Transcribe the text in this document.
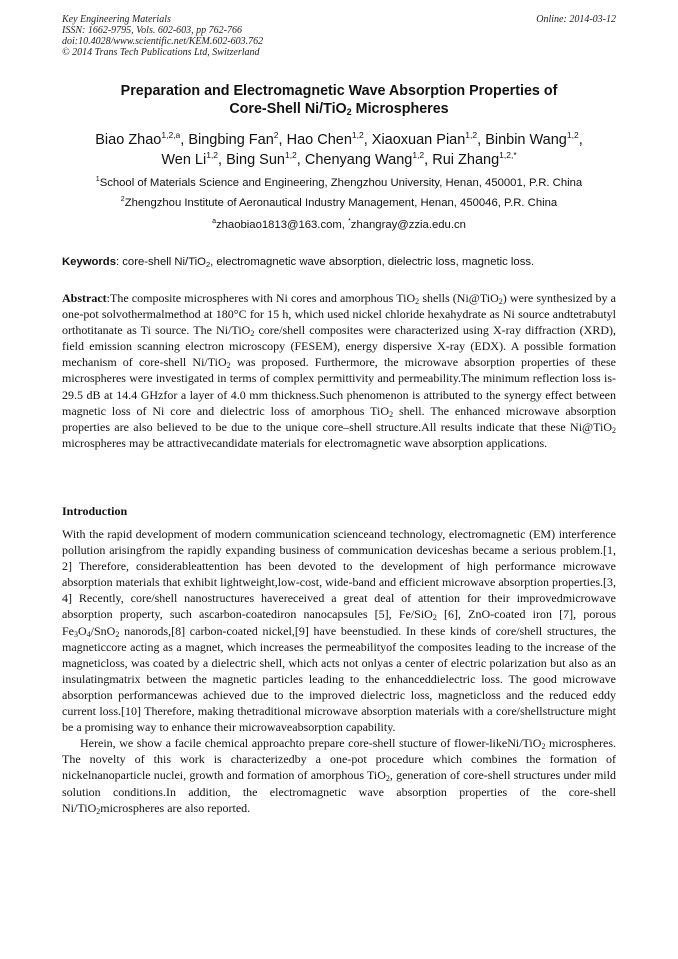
Key Engineering Materials
ISSN: 1662-9795, Vols. 602-603, pp 762-766
doi:10.4028/www.scientific.net/KEM.602-603.762
© 2014 Trans Tech Publications Ltd, Switzerland
Online: 2014-03-12
Preparation and Electromagnetic Wave Absorption Properties of
Core-Shell Ni/TiO$_2$ Microspheres
Biao Zhao$^{1,2,a}$, Bingbing Fan$^2$, Hao Chen$^{1,2}$, Xiaoxuan Pian$^{1,2}$, Binbin Wang$^{1,2}$,
Wen Li$^{1,2}$, Bing Sun$^{1,2}$, Chenyang Wang$^{1,2}$, Rui Zhang$^{1,2,*}$
$^1$School of Materials Science and Engineering, Zhengzhou University, Henan, 450001, P.R. China
$^2$Zhengzhou Institute of Aeronautical Industry Management, Henan, 450046, P.R. China
$^a$zhaobiao1813@163.com, *zhangray@zzia.edu.cn
Keywords: core-shell Ni/TiO$_2$, electromagnetic wave absorption, dielectric loss, magnetic loss.
Abstract:The composite microspheres with Ni cores and amorphous TiO$_2$ shells (Ni@TiO$_2$) were synthesized by a one-pot solvothermalmethod at 180°C for 15 h, which used nickel chloride hexahydrate as Ni source andtetrabutyl orthotitanate as Ti source. The Ni/TiO$_2$ core/shell composites were characterized using X-ray diffraction (XRD), field emission scanning electron microscopy (FESEM), energy dispersive X-ray (EDX). A possible formation mechanism of core-shell Ni/TiO$_2$ was proposed. Furthermore, the microwave absorption properties of these microspheres were investigated in terms of complex permittivity and permeability.The minimum reflection loss is-29.5 dB at 14.4 GHzfor a layer of 4.0 mm thickness.Such phenomenon is attributed to the synergy effect between magnetic loss of Ni core and dielectric loss of amorphous TiO$_2$ shell. The enhanced microwave absorption properties are also believed to be due to the unique core–shell structure.All results indicate that these Ni@TiO$_2$ microspheres may be attractivecandidate materials for electromagnetic wave absorption applications.
Introduction

With the rapid development of modern communication scienceand technology, electromagnetic (EM) interference pollution arisingfrom the rapidly expanding business of communication deviceshas became a serious problem.[1, 2] Therefore, considerableattention has been devoted to the development of high performance microwave absorption materials that exhibit lightweight,low-cost, wide-band and efficient microwave absorption properties.[3, 4] Recently, core/shell nanostructures havereceived a great deal of attention for their improvedmicrowave absorption property, such ascarbon-coatediron nanocapsules [5], Fe/SiO$_2$ [6], ZnO-coated iron [7], porous $Fe_3O_4/SnO_2$ nanorods,[8] carbon-coated nickel,[9] have beenstudied. In these kinds of core/shell structures, the magneticcore acting as a magnet, which increases the permeabilityof the composites leading to the increase of the magneticloss, was coated by a dielectric shell, which acts not onlyas a center of electric polarization but also as an insulatingmatrix between the magnetic particles leading to the enhanceddielectric loss. The good microwave absorption performancewas achieved due to the improved dielectric loss, magneticloss and the reduced eddy current loss.[10] Therefore, making thetraditional microwave absorption materials with a core/shellstructure might be a promising way to enhance their microwaveabsorption capability.

Herein, we show a facile chemical approachto prepare core-shell stucture of flower-likeNi/TiO$_2$ microspheres. The novelty of this work is characterizedby a one-pot procedure which combines the formation of nickelnanoparticle nuclei, growth and formation of amorphous TiO$_2$, generation of core-shell structures under mild solution conditions.In addition, the electromagnetic wave absorption properties of the core-shell Ni/TiO$_2$microspheres are also reported.
